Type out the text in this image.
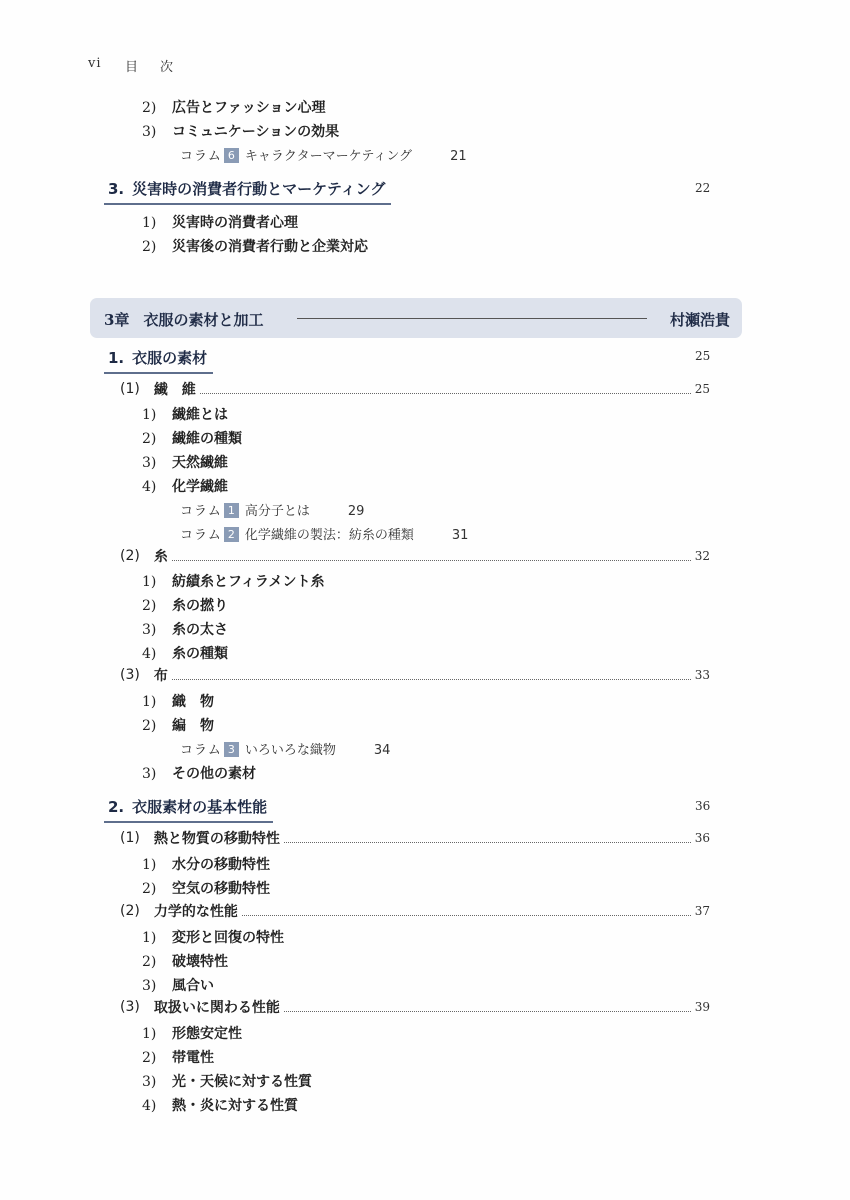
vi 目次
2) 広告とファッション心理
3) コミュニケーションの効果
コラム 6 キャラクターマーケティング	21
3. 災害時の消費者行動とマーケティング	22
1) 災害時の消費者心理
2) 災害後の消費者行動と企業対応
3章 衣服の素材と加工	村瀬浩貴
1. 衣服の素材	25
(1) 繊　維	25
1) 繊維とは
2) 繊維の種類
3) 天然繊維
4) 化学繊維
コラム 1 高分子とは	29
コラム 2 化学繊維の製法：紡糸の種類	31
(2) 糸	32
1) 紡績糸とフィラメント糸
2) 糸の撚り
3) 糸の太さ
4) 糸の種類
(3) 布	33
1) 織　物
2) 編　物
コラム 3 いろいろな織物	34
3) その他の素材
2. 衣服素材の基本性能	36
(1) 熱と物質の移動特性	36
1) 水分の移動特性
2) 空気の移動特性
(2) 力学的な性能	37
1) 変形と回復の特性
2) 破壊特性
3) 風合い
(3) 取扱いに関わる性能	39
1) 形態安定性
2) 帯電性
3) 光・天候に対する性質
4) 熱・炎に対する性質
